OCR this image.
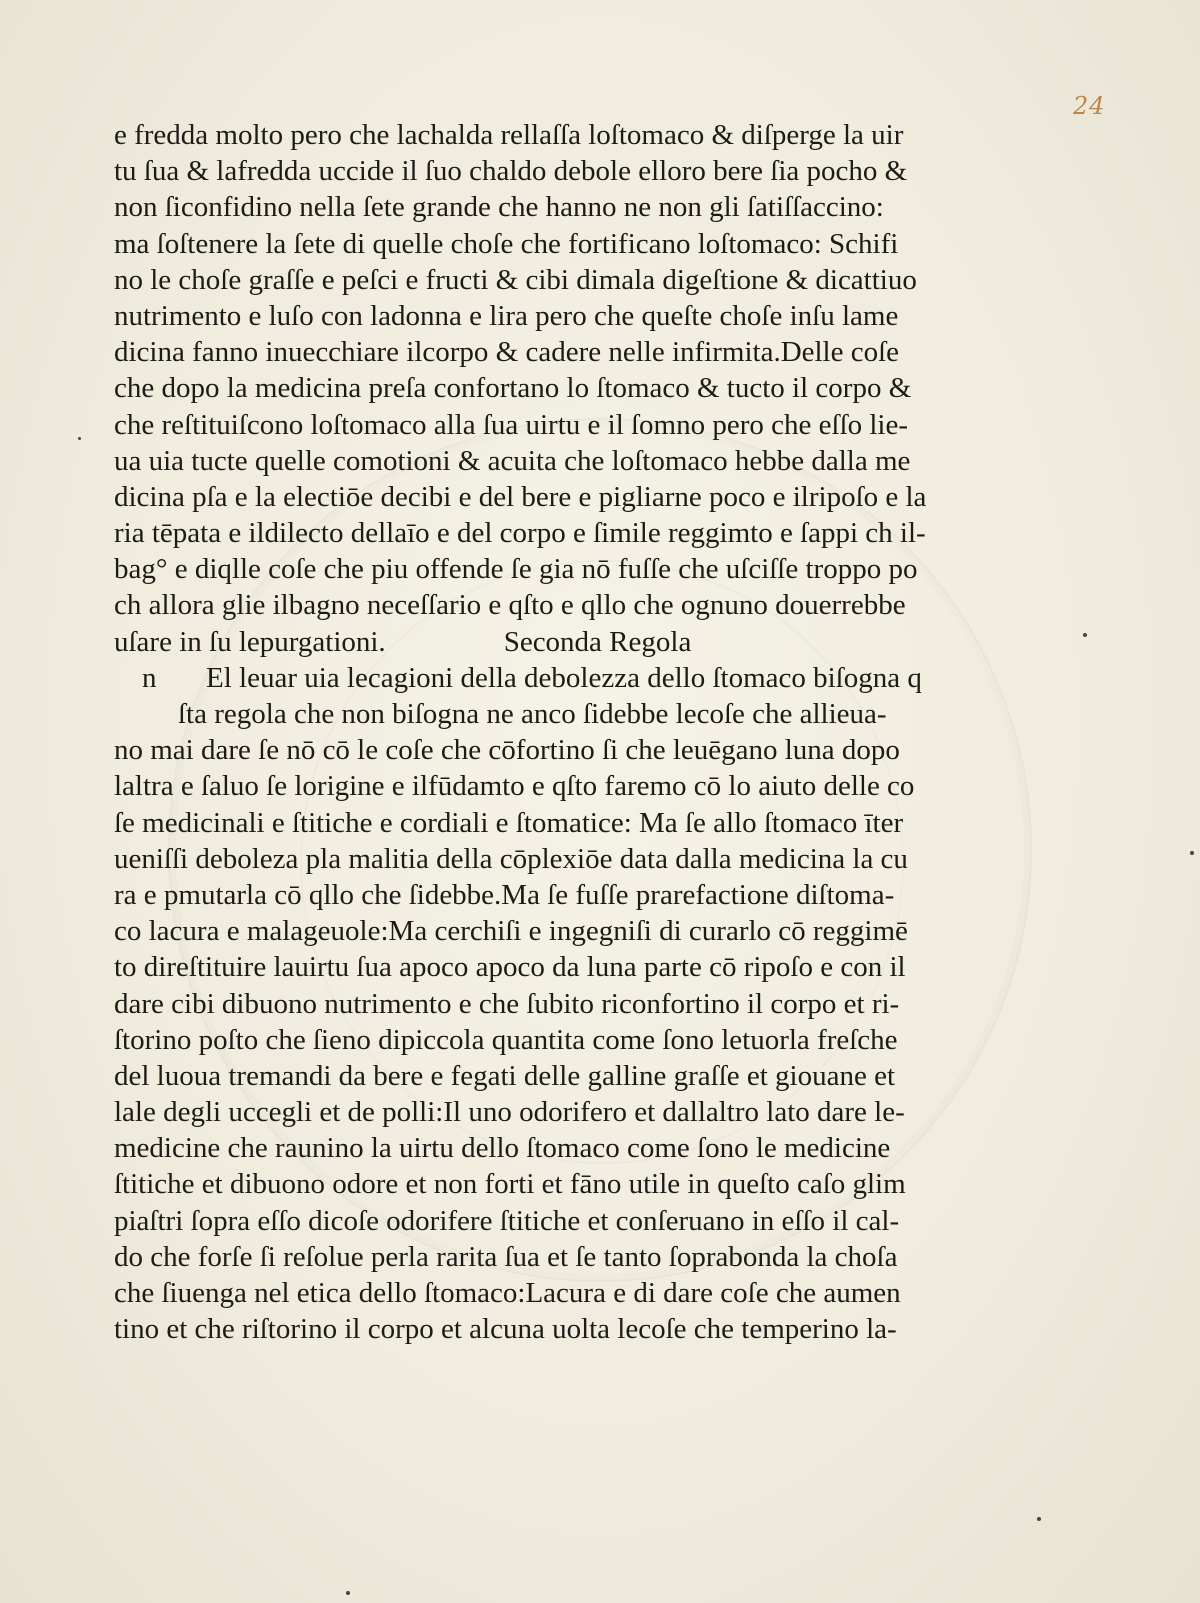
24
e fredda molto pero che lachalda rellaſſa loſtomaco & diſperge la uir
tu ſua & lafredda uccide il ſuo chaldo debole elloro bere ſia pocho &
non ſiconfidino nella ſete grande che hanno ne non gli ſatiſſaccino:
ma ſoſtenere la ſete di quelle choſe che fortificano loſtomaco: Schifi
no le choſe graſſe e peſci e fructi & cibi dimala digeſtione & dicattiuo
nutrimento e luſo con ladonna e lira pero che queſte choſe inſu lame
dicina fanno inuecchiare ilcorpo & cadere nelle infirmita.Delle coſe
che dopo la medicina preſa confortano lo ſtomaco & tucto il corpo &
che reſtituiſcono loſtomaco alla ſua uirtu e il ſomno pero che eſſo lie-
ua uia tucte quelle comotioni & acuita che loſtomaco hebbe dalla me
dicina pſa e la electiōe decibi e del bere e pigliarne poco e ilripoſo e la
ria tēpata e ildilecto dellaīo e del corpo e ſimile reggimto e ſappi ch il-
bag° e diqlle coſe che piu offende ſe gia nō fuſſe che uſciſſe troppo po
ch allora glie ilbagno neceſſario e qſto e qllo che ognuno douerrebbe
uſare in ſu lepurgationi.	Seconda Regola
n El leuar uia lecagioni della debolezza dello ſtomaco biſogna q
ſta regola che non biſogna ne anco ſidebbe lecoſe che allieua-
no mai dare ſe nō cō le coſe che cōfortino ſi che leuēgano luna dopo
laltra e ſaluo ſe lorigine e ilfūdamto e qſto faremo cō lo aiuto delle co
ſe medicinali e ſtitiche e cordiali e ſtomatice: Ma ſe allo ſtomaco īter
ueniſſi deboleza pla malitia della cōplexiōe data dalla medicina la cu
ra e pmutarla cō qllo che ſidebbe.Ma ſe fuſſe prarefactione diſtoma-
co lacura e malageuole:Ma cerchiſi e ingegniſi di curarlo cō reggimē
to direſtituire lauirtu ſua apoco apoco da luna parte cō ripoſo e con il
dare cibi dibuono nutrimento e che ſubito riconfortino il corpo et ri-
ſtorino poſto che ſieno dipiccola quantita come ſono letuorla freſche
del luoua tremandi da bere e fegati delle galline graſſe et giouane et
lale degli uccegli et de polli:Il uno odorifero et dallaltro lato dare le-
medicine che raunino la uirtu dello ſtomaco come ſono le medicine
ſtitiche et dibuono odore et non forti et fāno utile in queſto caſo glim
piaſtri ſopra eſſo dicoſe odorifere ſtitiche et conſeruano in eſſo il cal-
do che forſe ſi reſolue perla rarita ſua et ſe tanto ſoprabonda la choſa
che ſiuenga nel etica dello ſtomaco:Lacura e di dare coſe che aumen
tino et che riſtorino il corpo et alcuna uolta lecoſe che temperino la-
